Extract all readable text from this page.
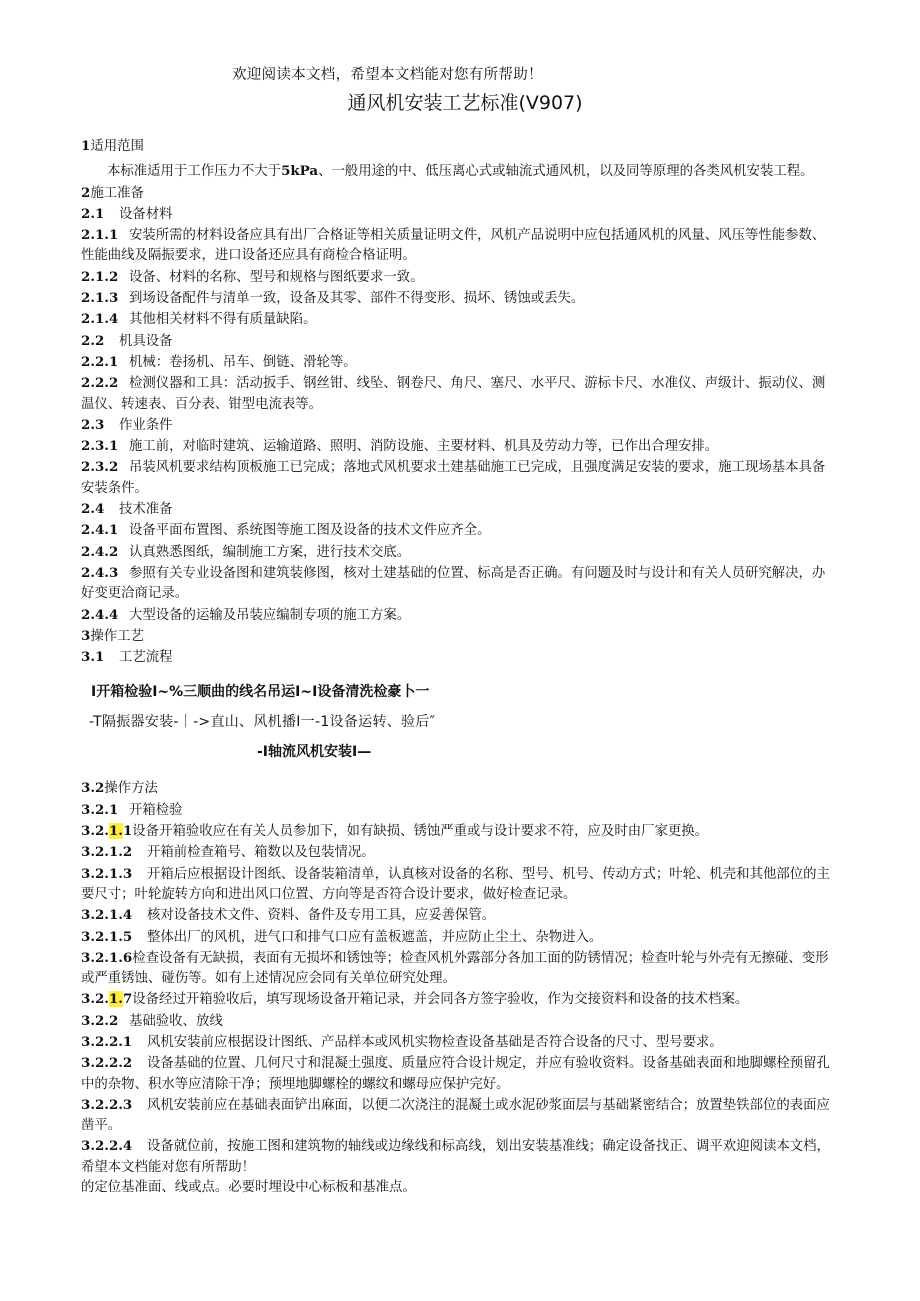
欢迎阅读本文档，希望本文档能对您有所帮助！
通风机安装工艺标准(V907)

1适用范围

本标准适用于工作压力不大于5kPa、一般用途的中、低压离心式或轴流式通风机，以及同等原理的各类风机安装工程。

2施工准备

2.1 设备材料

2.1.1 安装所需的材料设备应具有出厂合格证等相关质量证明文件，风机产品说明中应包括通风机的风量、风压等性能参数、性能曲线及隔振要求，进口设备还应具有商检合格证明。

2.1.2 设备、材料的名称、型号和规格与图纸要求一致。

2.1.3 到场设备配件与清单一致，设备及其零、部件不得变形、损坏、锈蚀或丢失。

2.1.4 其他相关材料不得有质量缺陷。

2.2 机具设备

2.2.1 机械：卷扬机、吊车、倒链、滑轮等。

2.2.2 检测仪器和工具：活动扳手、钢丝钳、线坠、钢卷尺、角尺、塞尺、水平尺、游标卡尺、水准仪、声级计、振动仪、测温仪、转速表、百分表、钳型电流表等。

2.3 作业条件

2.3.1 施工前，对临时建筑、运输道路、照明、消防设施、主要材料、机具及劳动力等，已作出合理安排。

2.3.2 吊装风机要求结构顶板施工已完成；落地式风机要求土建基础施工已完成，且强度满足安装的要求，施工现场基本具备安装条件。

2.4 技术准备

2.4.1 设备平面布置图、系统图等施工图及设备的技术文件应齐全。

2.4.2 认真熟悉图纸，编制施工方案，进行技术交底。

2.4.3 参照有关专业设备图和建筑装修图，核对土建基础的位置、标高是否正确。有问题及时与设计和有关人员研究解决，办好变更洽商记录。

2.4.4 大型设备的运输及吊装应编制专项的施工方案。

3操作工艺

3.1 工艺流程

I开箱检验I~%三顺曲的线名吊运I~I设备清洗检豪卜一
-T隔振器安装-｜->直山、风机播I一-1设备运转、验后″
-I轴流风机安装I—

3.2操作方法

3.2.1 开箱检验

3.2.1.1设备开箱验收应在有关人员参加下，如有缺损、锈蚀严重或与设计要求不符，应及时由厂家更换。

3.2.1.2 开箱前检查箱号、箱数以及包装情况。

3.2.1.3 开箱后应根据设计图纸、设备装箱清单，认真核对设备的名称、型号、机号、传动方式；叶轮、机壳和其他部位的主要尺寸；叶轮旋转方向和进出风口位置、方向等是否符合设计要求，做好检查记录。

3.2.1.4 核对设备技术文件、资料、备件及专用工具，应妥善保管。

3.2.1.5 整体出厂的风机，进气口和排气口应有盖板遮盖，并应防止尘土、杂物进入。

3.2.1.6检查设备有无缺损，表面有无损坏和锈蚀等；检查风机外露部分各加工面的防锈情况；检查叶轮与外壳有无擦碰、变形或严重锈蚀、碰伤等。如有上述情况应会同有关单位研究处理。

3.2.1.7设备经过开箱验收后，填写现场设备开箱记录，并会同各方签字验收，作为交接资料和设备的技术档案。

3.2.2 基础验收、放线

3.2.2.1 风机安装前应根据设计图纸、产品样本或风机实物检查设备基础是否符合设备的尺寸、型号要求。

3.2.2.2 设备基础的位置、几何尺寸和混凝土强度、质量应符合设计规定，并应有验收资料。设备基础表面和地脚螺栓预留孔中的杂物、积水等应清除干净；预埋地脚螺栓的螺纹和螺母应保护完好。

3.2.2.3 风机安装前应在基础表面铲出麻面，以便二次浇注的混凝土或水泥砂浆面层与基础紧密结合；放置垫铁部位的表面应凿平。

3.2.2.4 设备就位前，按施工图和建筑物的轴线或边缘线和标高线，划出安装基准线；确定设备找正、调平欢迎阅读本文档，希望本文档能对您有所帮助！

的定位基准面、线或点。必要时埋设中心标板和基准点。
